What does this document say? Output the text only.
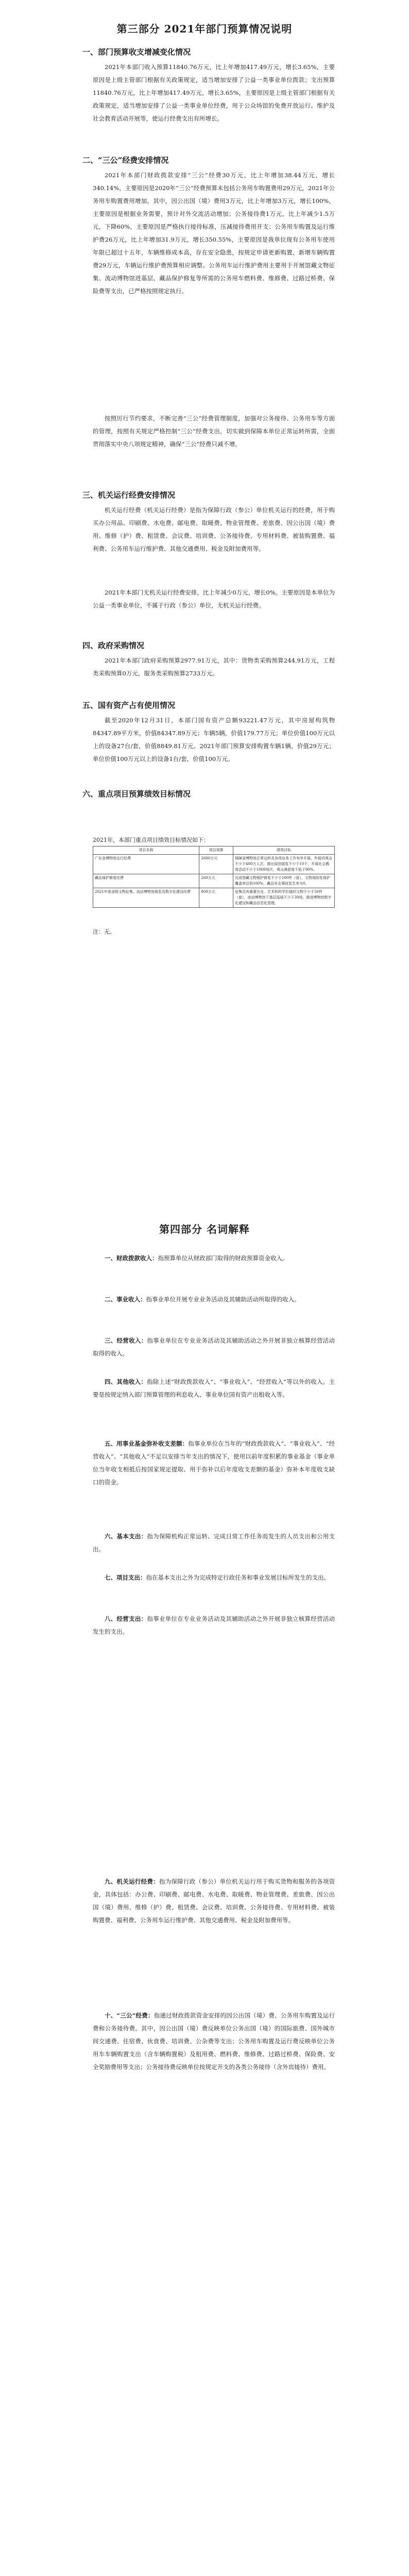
第三部分 2021年部门预算情况说明
一、部门预算收支增减变化情况
2021年本部门收入预算11840.76万元，比上年增加417.49万元，增长3.65%，主要原因是上级主管部门根据有关政策规定，适当增加安排了公益一类事业单位拨款；支出预算11840.76万元，比上年增加417.49万元，增长3.65%，主要原因是上级主管部门根据有关政策规定，适当增加安排了公益一类事业单位经费，用于公众场馆的免费开放运行、维护及社会教育活动开展等，使运行经费支出有所增长。
二、“三公”经费安排情况
2021年本部门财政拨款安排“三公”经费30万元，比上年增加38.44万元，增长340.14%，主要原因是2020年“三公”经费预算未包括公务用车购置费用29万元，2021年公务用车购置费用增加。其中，因公出国（境）费用3万元，比上年增加3万元，增长100%，主要原因是根据业务需要，预计对外交流活动增加；公务接待费1万元，比上年减少1.5万元，下降60%，主要原因是严格执行接待标准，压减接待费用开支；公务用车购置及运行维护费26万元，比上年增加31.9万元，增长350.55%，主要原因是我单位现有公务用车使用年限已超过十五年，车辆维修成本高，存在安全隐患，按规定申请更新购置，新增车辆购置费29万元，车辆运行维护费预算相应调整。公务用车运行维护费用主要用于开展馆藏文物征集、流动博物馆进基层、藏品保护修复等所需的公务用车燃料费、维修费、过路过桥费、保险费等支出，已严格按照规定执行。
按照厉行节约要求，不断完善“三公”经费管理制度，加强对公务接待、公务用车等方面的管理，按照有关规定严格控制“三公”经费支出，切实做到保障本单位正常运转所需，全面贯彻落实中央八项规定精神，确保“三公”经费只减不增。
三、机关运行经费安排情况
机关运行经费（机关运行经费）是指为保障行政（参公）单位机关运行的经费，用于购买办公用品、印刷费、水电费、邮电费、取暖费、物业管理费、差旅费、因公出国（境）费用、维修（护）费、租赁费、会议费、培训费、公务接待费、专用材料费、被装购置费、福利费、公务用车运行维护费、其他交通费用、税金及附加费用等。
2021年本部门无机关运行经费安排，比上年减少0万元，增长0%。主要原因是本单位为公益一类事业单位，不属于行政（参公）单位，无机关运行经费。
四、政府采购情况
2021年本部门政府采购预算2977.91万元，其中：货物类采购预算244.91万元，工程类采购预算0万元，服务类采购预算2733万元。
五、国有资产占有使用情况
截至2020年12月31日，本部门国有资产总额93221.47万元，其中房屋构筑物84347.89平方米，价值84347.89万元；车辆5辆，价值179.77万元；单位价值100万元以上的设备27台/套，价值8849.81万元。2021年部门预算安排购置车辆1辆，价值29万元；单位价值100万元以上的设备1台/套，价值100万元。
六、重点项目预算绩效目标情况
2021年，本部门重点项目绩效目标情况如下：
项目名称	项目预算	绩效目标
广东省博物馆运行经费	2600万元	保障省博物馆正常运转及各项业务工作有序开展，年接待观众不少于400万人次，推出原创展览不少于10个，开展社会教育活动不少于1000场次，观众满意度不低于90%。
藏品保护修复经费	260万元	完成馆藏文物保护修复不少于100件（套），文物预防性保护覆盖率达到100%，藏品安全事故发生率为0。
2021年度省级文物征集、流动博物馆展览及数字化建设经费	800万元	征集具有重要历史、艺术和科学价值的文物不少于50件（套），流动博物馆下基层巡展不少于30场，推进博物馆数字化建设和藏品信息化管理。
注：无。
第四部分 名词解释
一、财政拨款收入：指预算单位从财政部门取得的财政预算资金收入。
二、事业收入：指事业单位开展专业业务活动及其辅助活动所取得的收入。
三、经营收入：指事业单位在专业业务活动及其辅助活动之外开展非独立核算经营活动取得的收入。
四、其他收入：指除上述“财政拨款收入”、“事业收入”、“经营收入”等以外的收入。主要是按规定纳入部门预算管理的利息收入、事业单位国有资产出租收入等。
五、用事业基金弥补收支差额：指事业单位在当年的“财政拨款收入”、“事业收入”、“经营收入”、“其他收入”不足以安排当年支出的情况下，使用以前年度积累的事业基金（事业单位当年收支相抵后按国家规定提取、用于弥补以后年度收支差额的基金）弥补本年度收支缺口的资金。
六、基本支出：指为保障机构正常运转、完成日常工作任务而发生的人员支出和公用支出。
七、项目支出：指在基本支出之外为完成特定行政任务和事业发展目标所发生的支出。
八、经营支出：指事业单位在专业业务活动及其辅助活动之外开展非独立核算经营活动发生的支出。
九、机关运行经费：指为保障行政（参公）单位机关运行用于购买货物和服务的各项资金，具体包括：办公费、印刷费、邮电费、水电费、取暖费、物业管理费、差旅费、因公出国（境）费用、维修（护）费、租赁费、会议费、培训费、公务接待费、专用材料费、被装购置费、福利费、公务用车运行维护费、其他交通费用、税金及附加费用等。
十、“三公”经费：指通过财政拨款资金安排的因公出国（境）费、公务用车购置及运行费和公务接待费。其中，因公出国（境）费反映单位公务出国（境）的国际旅费、国外城市间交通费、住宿费、伙食费、培训费、公杂费等支出；公务用车购置及运行费反映单位公务用车车辆购置支出（含车辆购置税）及租用费、燃料费、维修费、过路过桥费、保险费、安全奖励费用等支出；公务接待费反映单位按规定开支的各类公务接待（含外宾接待）费用。
